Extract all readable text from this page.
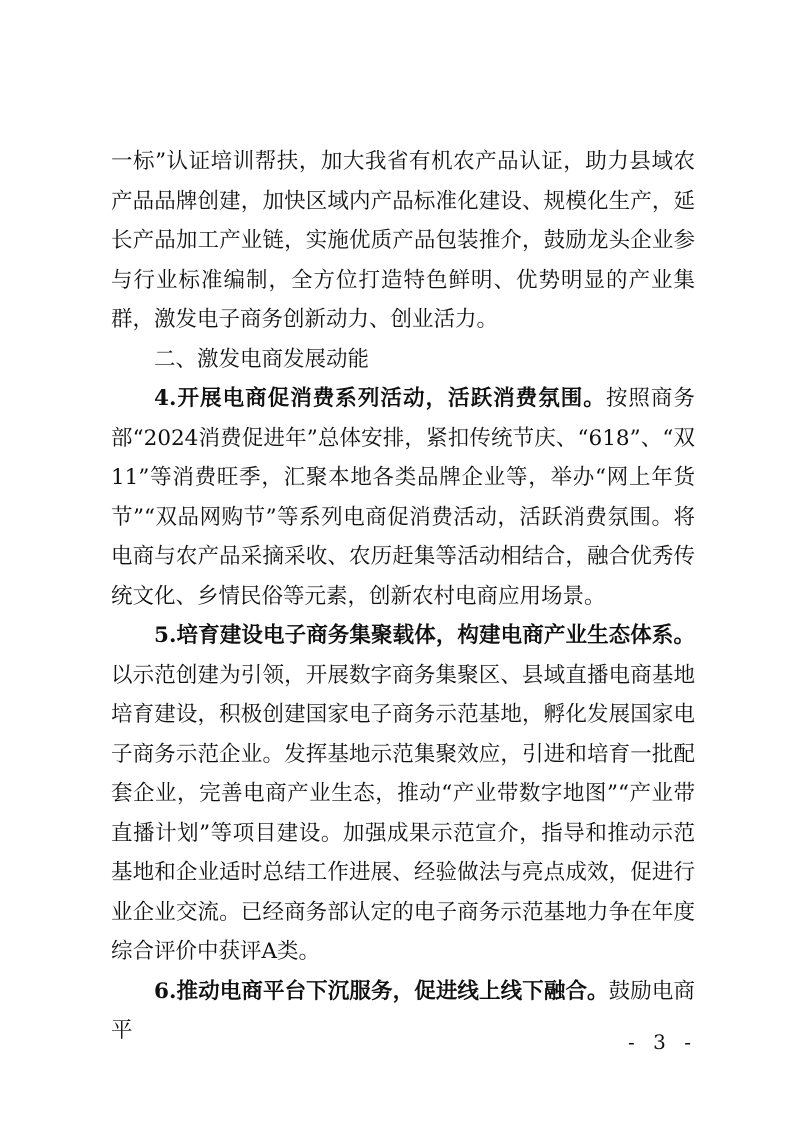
一标”认证培训帮扶，加大我省有机农产品认证，助力县域农产品品牌创建，加快区域内产品标准化建设、规模化生产，延长产品加工产业链，实施优质产品包装推介，鼓励龙头企业参与行业标准编制，全方位打造特色鲜明、优势明显的产业集群，激发电子商务创新动力、创业活力。

二、激发电商发展动能

4.开展电商促消费系列活动，活跃消费氛围。按照商务部“2024消费促进年”总体安排，紧扣传统节庆、“618”、“双11”等消费旺季，汇聚本地各类品牌企业等，举办“网上年货节”“双品网购节”等系列电商促消费活动，活跃消费氛围。将电商与农产品采摘采收、农历赶集等活动相结合，融合优秀传统文化、乡情民俗等元素，创新农村电商应用场景。

5.培育建设电子商务集聚载体，构建电商产业生态体系。以示范创建为引领，开展数字商务集聚区、县域直播电商基地培育建设，积极创建国家电子商务示范基地，孵化发展国家电子商务示范企业。发挥基地示范集聚效应，引进和培育一批配套企业，完善电商产业生态，推动“产业带数字地图”“产业带直播计划”等项目建设。加强成果示范宣介，指导和推动示范基地和企业适时总结工作进展、经验做法与亮点成效，促进行业企业交流。已经商务部认定的电子商务示范基地力争在年度综合评价中获评A类。

6.推动电商平台下沉服务，促进线上线下融合。鼓励电商平	- 3 -
